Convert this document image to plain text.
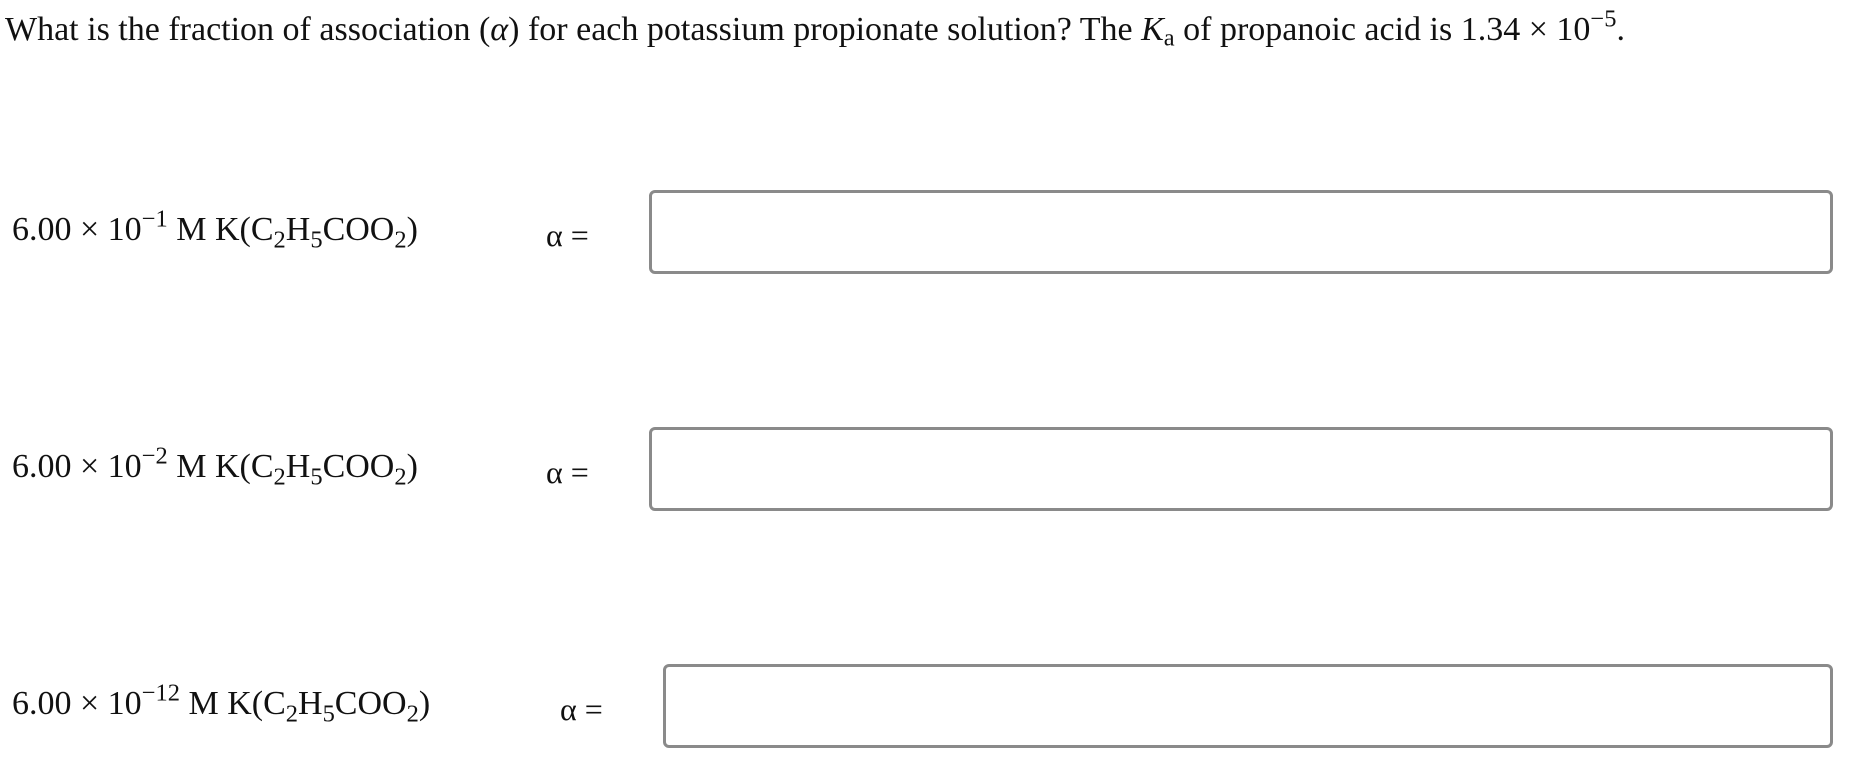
What is the fraction of association (α) for each potassium propionate solution? The $K_a$ of propanoic acid is $1.34 \times 10^{-5}$.
$6.00 \times 10^{-1}$ M $K(C_2H_5COO_2)$	α =
$6.00 \times 10^{-2}$ M $K(C_2H_5COO_2)$	α =
$6.00 \times 10^{-12}$ M $K(C_2H_5COO_2)$	α =
